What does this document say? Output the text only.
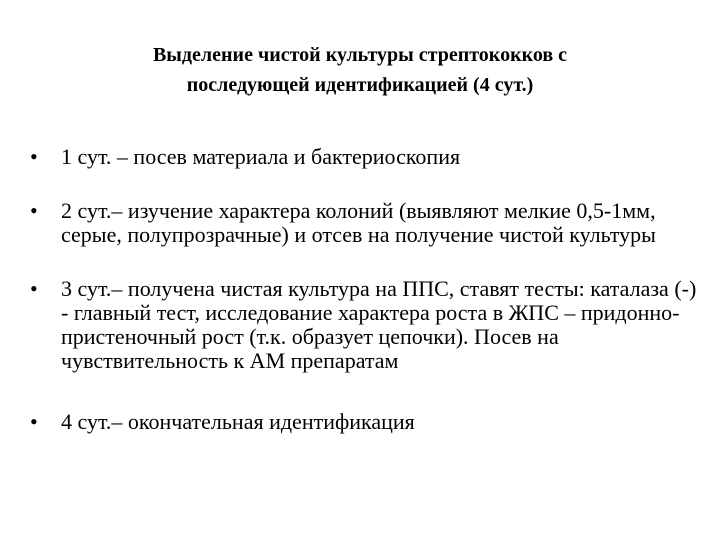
Выделение чистой культуры стрептококков с
последующей идентификацией (4 сут.)
• 1 сут. – посев материала и бактериоскопия
• 2 сут.– изучение характера колоний (выявляют мелкие 0,5-1мм, серые, полупрозрачные) и отсев на получение чистой культуры
• 3 сут.– получена чистая культура на ППС, ставят тесты: каталаза (-) - главный тест, исследование характера роста в ЖПС – придонно-пристеночный рост (т.к. образует цепочки). Посев на чувствительность к АМ препаратам
• 4 сут.– окончательная идентификация
